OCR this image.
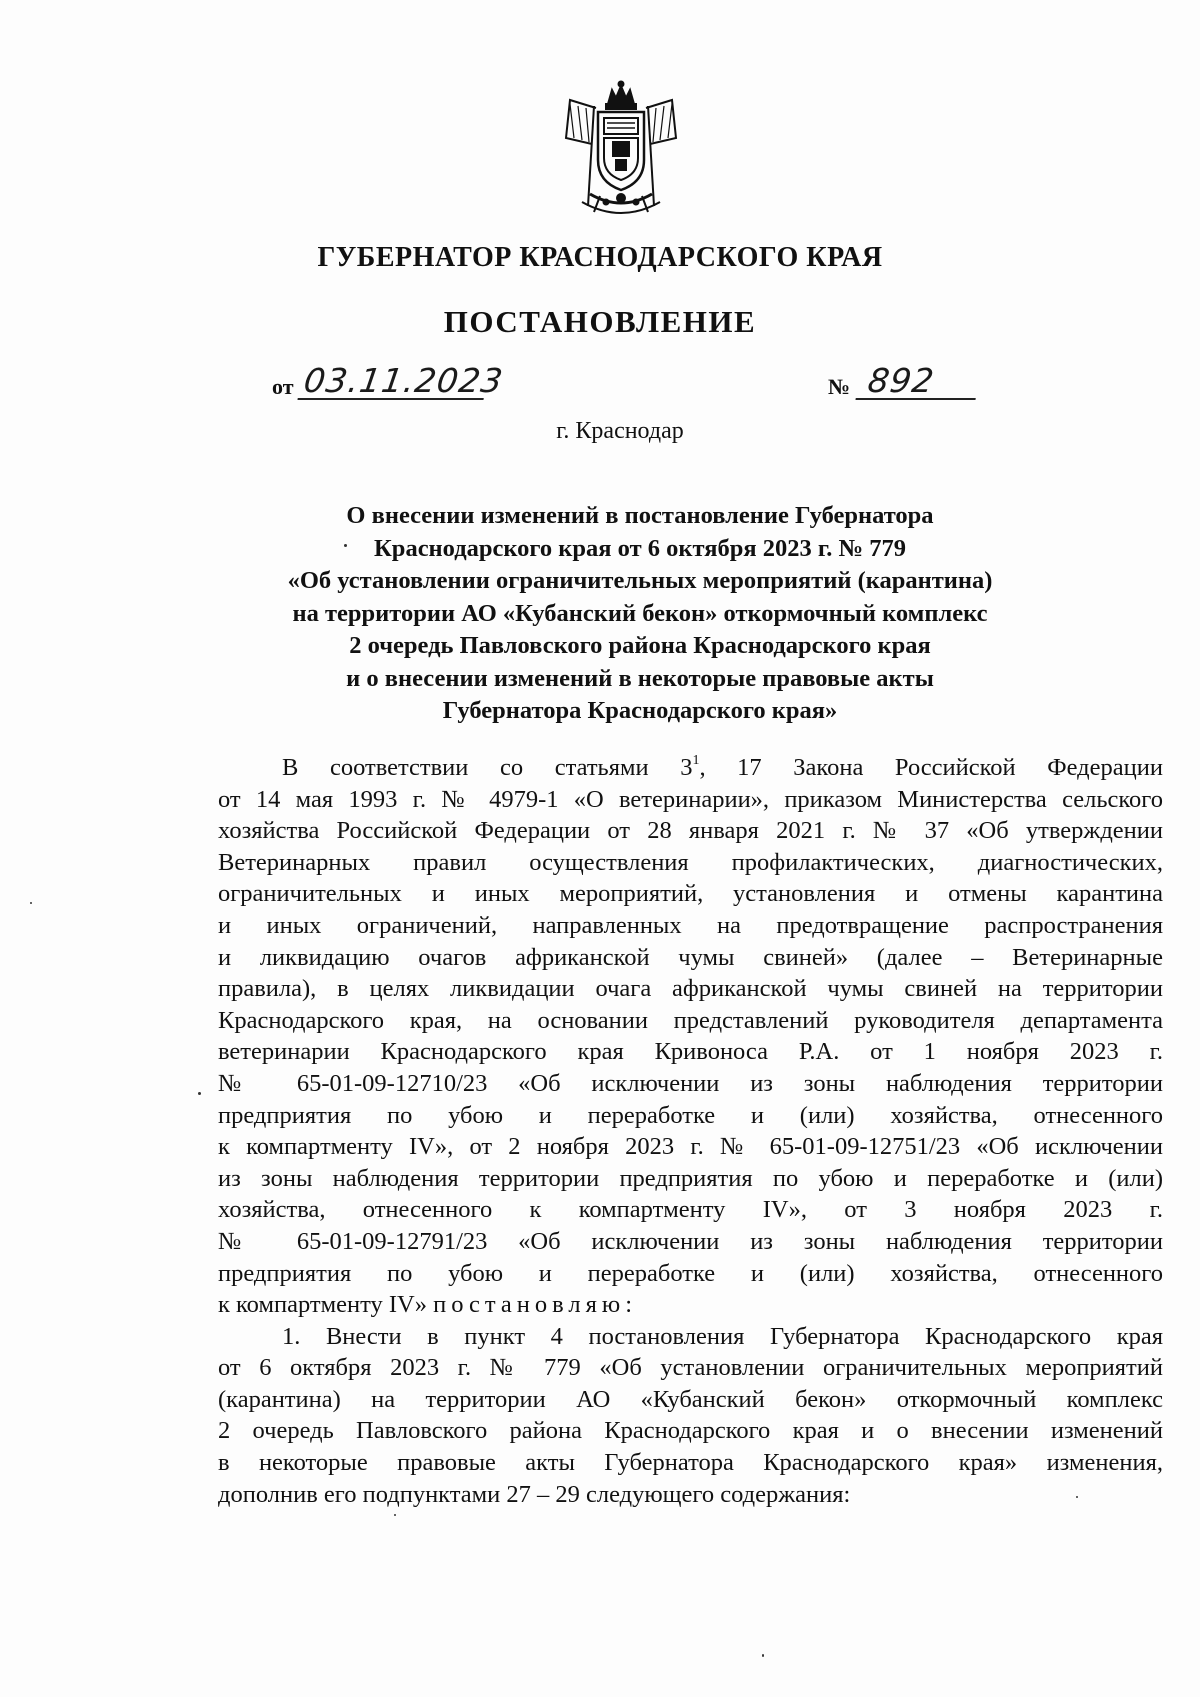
ГУБЕРНАТОР КРАСНОДАРСКОГО КРАЯ
ПОСТАНОВЛЕНИЕ
от 03.11.2023	№ 892
г. Краснодар
О внесении изменений в постановление Губернатора
Краснодарского края от 6 октября 2023 г. № 779
«Об установлении ограничительных мероприятий (карантина)
на территории АО «Кубанский бекон» откормочный комплекс
2 очередь Павловского района Краснодарского края
и о внесении изменений в некоторые правовые акты
Губернатора Краснодарского края»
В соответствии со статьями $3^1$, 17 Закона Российской Федерации
от 14 мая 1993 г. № 4979-1 «О ветеринарии», приказом Министерства сельского
хозяйства Российской Федерации от 28 января 2021 г. № 37 «Об утверждении
Ветеринарных правил осуществления профилактических, диагностических,
ограничительных и иных мероприятий, установления и отмены карантина
и иных ограничений, направленных на предотвращение распространения
и ликвидацию очагов африканской чумы свиней» (далее – Ветеринарные
правила), в целях ликвидации очага африканской чумы свиней на территории
Краснодарского края, на основании представлений руководителя департамента
ветеринарии Краснодарского края Кривоноса Р.А. от 1 ноября 2023 г.
№ 65-01-09-12710/23 «Об исключении из зоны наблюдения территории
предприятия по убою и переработке и (или) хозяйства, отнесенного
к компартменту IV», от 2 ноября 2023 г. № 65-01-09-12751/23 «Об исключении
из зоны наблюдения территории предприятия по убою и переработке и (или)
хозяйства, отнесенного к компартменту IV», от 3 ноября 2023 г.
№ 65-01-09-12791/23 «Об исключении из зоны наблюдения территории
предприятия по убою и переработке и (или) хозяйства, отнесенного
к компартменту IV» постановляю:
1. Внести в пункт 4 постановления Губернатора Краснодарского края
от 6 октября 2023 г. № 779 «Об установлении ограничительных мероприятий
(карантина) на территории АО «Кубанский бекон» откормочный комплекс
2 очередь Павловского района Краснодарского края и о внесении изменений
в некоторые правовые акты Губернатора Краснодарского края» изменения,
дополнив его подпунктами 27 – 29 следующего содержания:
